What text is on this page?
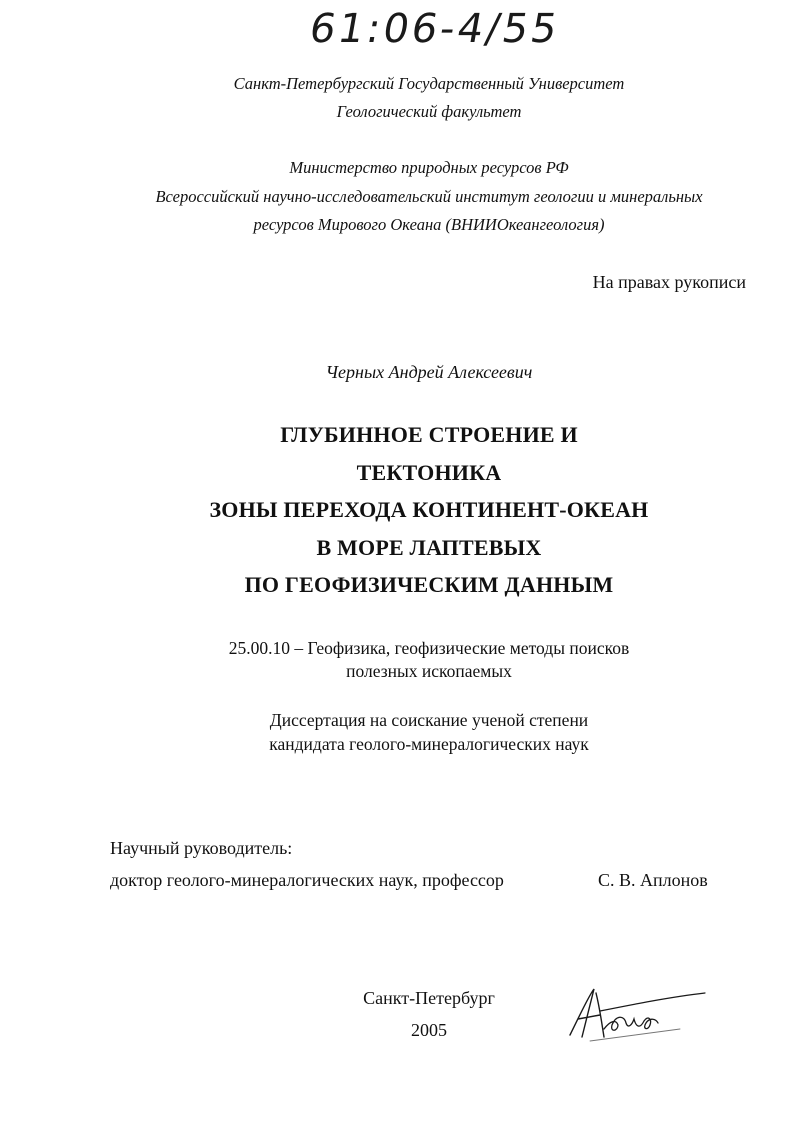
61:06-4/55
Санкт-Петербургский Государственный Университет
Геологический факультет
Министерство природных ресурсов РФ
Всероссийский научно-исследовательский институт геологии и минеральных
ресурсов Мирового Океана (ВНИИОкеангеология)
На правах рукописи
Черных Андрей Алексеевич
ГЛУБИННОЕ СТРОЕНИЕ И
ТЕКТОНИКА
ЗОНЫ ПЕРЕХОДА КОНТИНЕНТ-ОКЕАН
В МОРЕ ЛАПТЕВЫХ
ПО ГЕОФИЗИЧЕСКИМ ДАННЫМ
25.00.10 – Геофизика, геофизические методы поисков
полезных ископаемых
Диссертация на соискание ученой степени
кандидата геолого-минералогических наук
Научный руководитель:
доктор геолого-минералогических наук, профессор	С. В. Аплонов
Санкт-Петербург
2005
